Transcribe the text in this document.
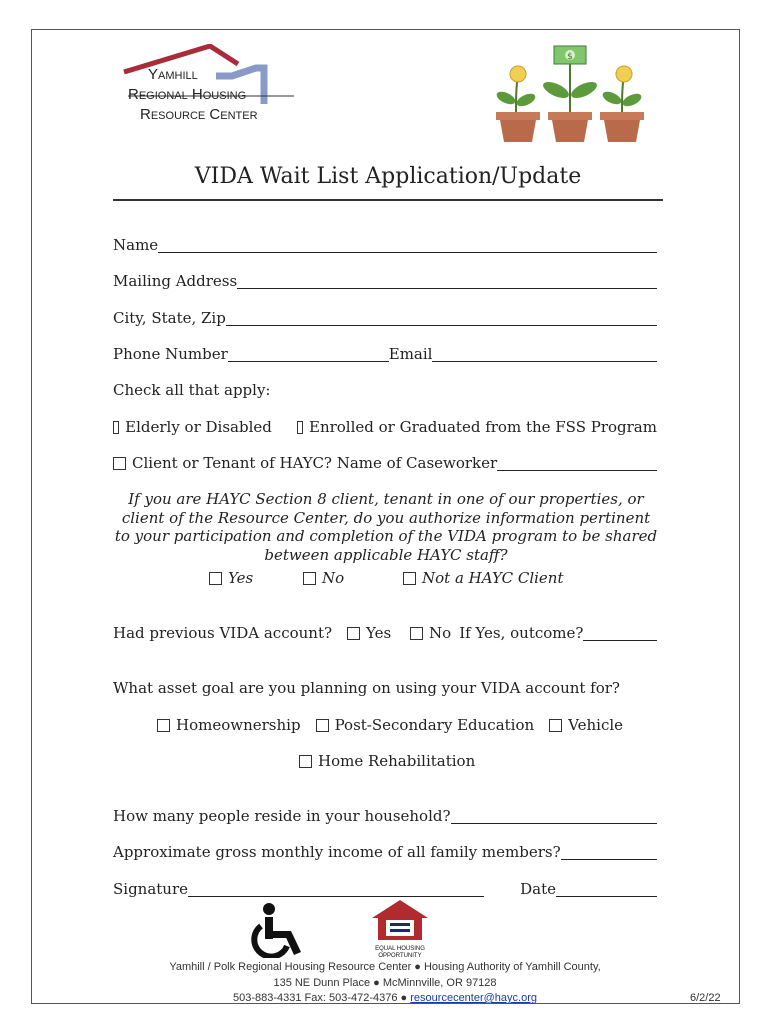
Yamhill
Regional Housing
Resource Center
$
VIDA Wait List Application/Update
Name
Mailing Address
City, State, Zip
Phone Number	Email
Check all that apply:
Elderly or Disabled Enrolled or Graduated from the FSS Program
Client or Tenant of HAYC? Name of Caseworker
If you are HAYC Section 8 client, tenant in one of our properties, or client of the Resource Center, do you authorize information pertinent to your participation and completion of the VIDA program to be shared between applicable HAYC staff?
Yes	No	Not a HAYC Client
Had previous VIDA account? Yes	No If Yes, outcome?
What asset goal are you planning on using your VIDA account for?
Homeownership Post-Secondary Education Vehicle
Home Rehabilitation
How many people reside in your household?
Approximate gross monthly income of all family members?
Signature	Date
EQUAL HOUSING
OPPORTUNITY
Yamhill / Polk Regional Housing Resource Center ● Housing Authority of Yamhill County,
135 NE Dunn Place ● McMinnville, OR 97128
503-883-4331 Fax: 503-472-4376 ● resourcecenter@hayc.org	6/2/22
